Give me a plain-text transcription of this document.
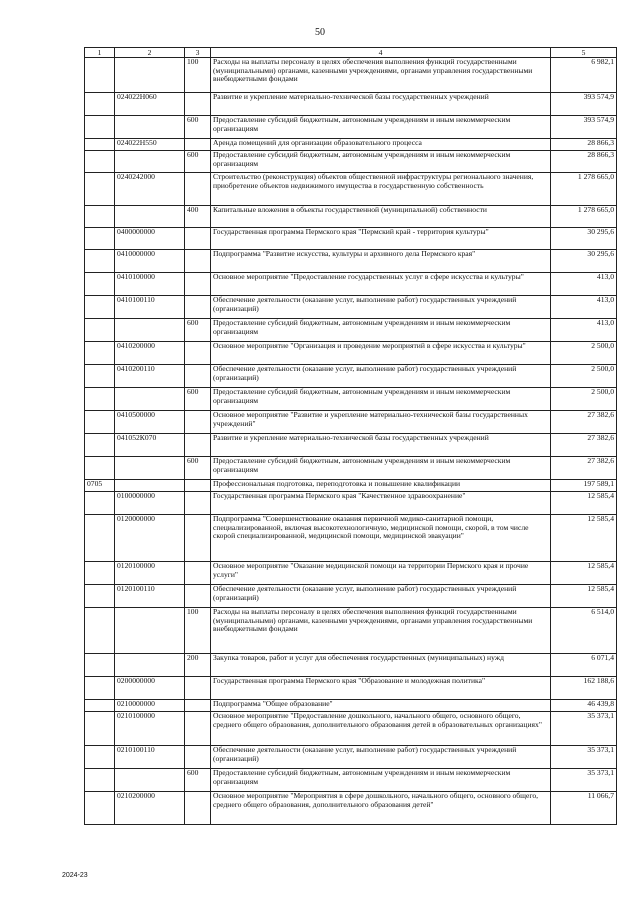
50
1	2	3	4	5
		100	Расходы на выплаты персоналу в целях обеспечения выполнения функций государственными (муниципальными) органами, казенными учреждениями, органами управления государственными внебюджетными фондами	6 982,1
	024022Н060		Развитие и укрепление материально-технической базы государственных учреждений	393 574,9
		600	Предоставление субсидий бюджетным, автономным учреждениям и иным некоммерческим организациям	393 574,9
	024022Н550		Аренда помещений для организации образовательного процесса	28 866,3
		600	Предоставление субсидий бюджетным, автономным учреждениям и иным некоммерческим организациям	28 866,3
	0240242000		Строительство (реконструкция) объектов общественной инфраструктуры регионального значения, приобретение объектов недвижимого имущества в государственную собственность	1 278 665,0
		400	Капитальные вложения в объекты государственной (муниципальной) собственности	1 278 665,0
	0400000000		Государственная программа Пермского края "Пермский край - территория культуры"	30 295,6
	0410000000		Подпрограмма "Развитие искусства, культуры и архивного дела Пермского края"	30 295,6
	0410100000		Основное мероприятие "Предоставление государственных услуг в сфере искусства и культуры"	413,0
	0410100110		Обеспечение деятельности (оказание услуг, выполнение работ) государственных учреждений (организаций)	413,0
		600	Предоставление субсидий бюджетным, автономным учреждениям и иным некоммерческим организациям	413,0
	0410200000		Основное мероприятие "Организация и проведение мероприятий в сфере искусства и культуры"	2 500,0
	0410200110		Обеспечение деятельности (оказание услуг, выполнение работ) государственных учреждений (организаций)	2 500,0
		600	Предоставление субсидий бюджетным, автономным учреждениям и иным некоммерческим организациям	2 500,0
	0410500000		Основное мероприятие "Развитие и укрепление материально-технической базы государственных учреждений"	27 382,6
	041052К070		Развитие и укрепление материально-технической базы государственных учреждений	27 382,6
		600	Предоставление субсидий бюджетным, автономным учреждениям и иным некоммерческим организациям	27 382,6
0705			Профессиональная подготовка, переподготовка и повышение квалификации	197 589,1
	0100000000		Государственная программа Пермского края "Качественное здравоохранение"	12 585,4
	0120000000		Подпрограмма "Совершенствование оказания первичной медико-санитарной помощи, специализированной, включая высокотехнологичную, медицинской помощи, скорой, в том числе скорой специализированной, медицинской помощи, медицинской эвакуации"	12 585,4
	0120100000		Основное мероприятие "Оказание медицинской помощи на территории Пермского края и прочие услуги"	12 585,4
	0120100110		Обеспечение деятельности (оказание услуг, выполнение работ) государственных учреждений (организаций)	12 585,4
		100	Расходы на выплаты персоналу в целях обеспечения выполнения функций государственными (муниципальными) органами, казенными учреждениями, органами управления государственными внебюджетными фондами	6 514,0
		200	Закупка товаров, работ и услуг для обеспечения государственных (муниципальных) нужд	6 071,4
	0200000000		Государственная программа Пермского края "Образование и молодежная политика"	162 188,6
	0210000000		Подпрограмма "Общее образование"	46 439,8
	0210100000		Основное мероприятие "Предоставление дошкольного, начального общего, основного общего, среднего общего образования, дополнительного образования детей в образовательных организациях"	35 373,1
	0210100110		Обеспечение деятельности (оказание услуг, выполнение работ) государственных учреждений (организаций)	35 373,1
		600	Предоставление субсидий бюджетным, автономным учреждениям и иным некоммерческим организациям	35 373,1
	0210200000		Основное мероприятие "Мероприятия в сфере дошкольного, начального общего, основного общего, среднего общего образования, дополнительного образования детей"	11 066,7
2024-23
